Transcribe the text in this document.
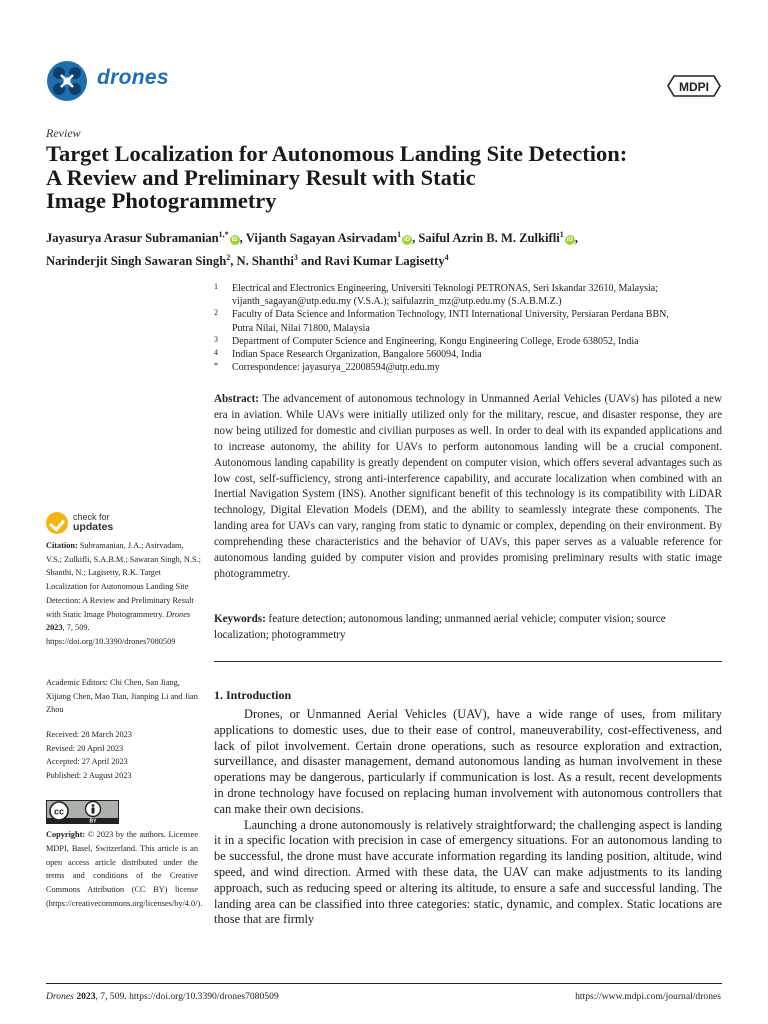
drones	MDPI
Review
Target Localization for Autonomous Landing Site Detection:
A Review and Preliminary Result with Static
Image Photogrammetry
Jayasurya Arasur Subramanian$^{1,*}$iD , Vijanth Sagayan Asirvadam$^1$iD , Saiful Azrin B. M. Zulkifli$^1$iD ,
Narinderjit Singh Sawaran Singh$^2$, N. Shanthi$^3$ and Ravi Kumar Lagisetty$^4$
1 Electrical and Electronics Engineering, Universiti Teknologi PETRONAS, Seri Iskandar 32610, Malaysia;
vijanth_sagayan@utp.edu.my (V.S.A.); saifulazrin_mz@utp.edu.my (S.A.B.M.Z.)
2 Faculty of Data Science and Information Technology, INTI International University, Persiaran Perdana BBN,
Putra Nilai, Nilai 71800, Malaysia
3 Department of Computer Science and Engineering, Kongu Engineering College, Erode 638052, India
4 Indian Space Research Organization, Bangalore 560094, India
* Correspondence: jayasurya_22008594@utp.edu.my
Abstract: The advancement of autonomous technology in Unmanned Aerial Vehicles (UAVs) has piloted a new era in aviation. While UAVs were initially utilized only for the military, rescue, and disaster response, they are now being utilized for domestic and civilian purposes as well. In order to deal with its expanded applications and to increase autonomy, the ability for UAVs to perform autonomous landing will be a crucial component. Autonomous landing capability is greatly dependent on computer vision, which offers several advantages such as low cost, self-sufficiency, strong anti-interference capability, and accurate localization when combined with an Inertial Navigation System (INS). Another significant benefit of this technology is its compatibility with LiDAR technology, Digital Elevation Models (DEM), and the ability to seamlessly integrate these components. The landing area for UAVs can vary, ranging from static to dynamic or complex, depending on their environment. By comprehending these characteristics and the behavior of UAVs, this paper serves as a valuable reference for autonomous landing guided by computer vision and provides promising preliminary results with static image photogrammetry.
Keywords: feature detection; autonomous landing; unmanned aerial vehicle; computer vision; source localization; photogrammetry
1. Introduction

Drones, or Unmanned Aerial Vehicles (UAV), have a wide range of uses, from military applications to domestic uses, due to their ease of control, maneuverability, cost-effectiveness, and lack of pilot involvement. Certain drone operations, such as resource exploration and extraction, surveillance, and disaster management, demand autonomous landing as human involvement in these operations may be dangerous, particularly if communication is lost. As a result, recent developments in drone technology have focused on replacing human involvement with autonomous controllers that can make their own decisions.

Launching a drone autonomously is relatively straightforward; the challenging aspect is landing it in a specific location with precision in case of emergency situations. For an autonomous landing to be successful, the drone must have accurate information regarding its landing position, altitude, wind speed, and wind direction. Armed with these data, the UAV can make adjustments to its landing approach, such as reducing speed or altering its altitude, to ensure a safe and successful landing. The landing area can be classified into three categories: static, dynamic, and complex. Static locations are those that are firmly

check for
updates
Citation: Subramanian, J.A.; Asirvadam, V.S.; Zulkifli, S.A.B.M.; Sawaran Singh, N.S.; Shanthi, N.; Lagisetty, R.K. Target Localization for Autonomous Landing Site Detection: A Review and Preliminary Result with Static Image Photogrammetry. Drones 2023, 7, 509. https://doi.org/10.3390/drones7080509
Academic Editors: Chi Chen, San Jiang, Xijiang Chen, Mao Tian, Jianping Li and Jian Zhou
Received: 28 March 2023
Revised: 20 April 2023
Accepted: 27 April 2023
Published: 2 August 2023
cc
BY
Copyright: © 2023 by the authors. Licensee MDPI, Basel, Switzerland. This article is an open access article distributed under the terms and conditions of the Creative Commons Attribution (CC BY) license (https://creativecommons.org/licenses/by/4.0/).
Drones 2023, 7, 509. https://doi.org/10.3390/drones7080509	https://www.mdpi.com/journal/drones
